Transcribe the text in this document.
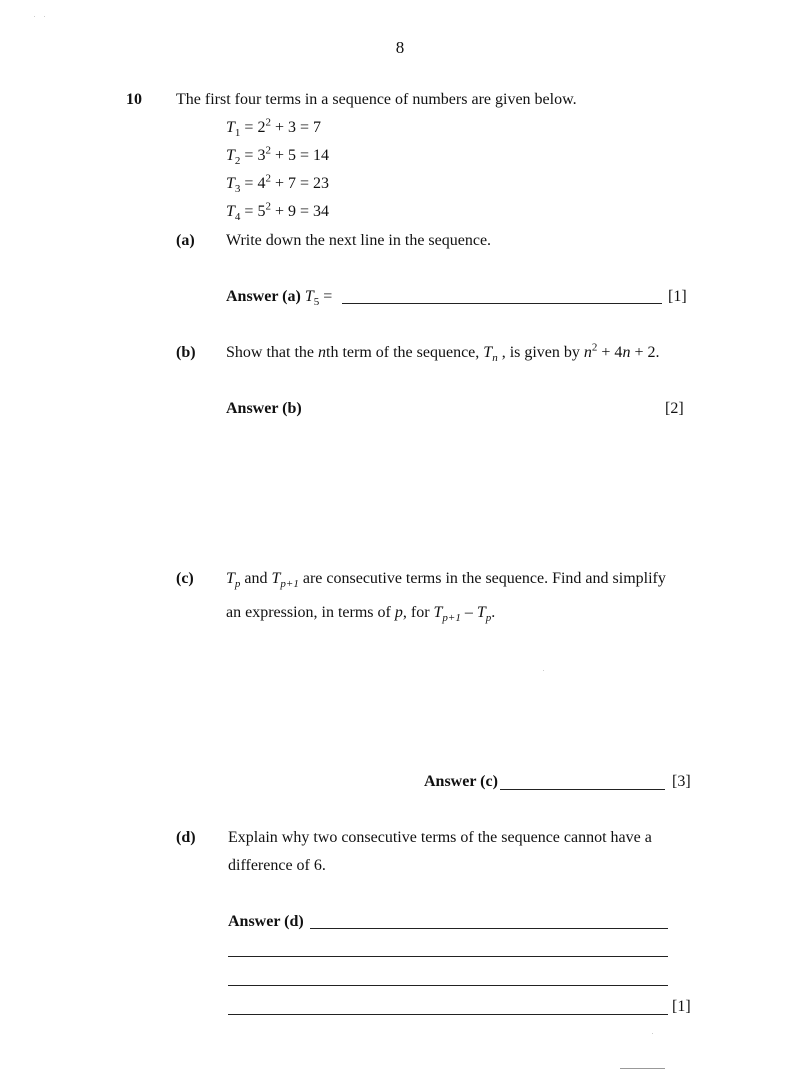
8
10 The first four terms in a sequence of numbers are given below.
$T_1 = 2^2 + 3 = 7$
$T_2 = 3^2 + 5 = 14$
$T_3 = 4^2 + 7 = 23$
$T_4 = 5^2 + 9 = 34$
(a) Write down the next line in the sequence.
Answer (a) $T_5$ =	[1]
(b) Show that the nth term of the sequence, $T_n$ , is given by $n^2 + 4n + 2$.
Answer (b)	[2]
(c) $T_p$ and $T_{p+1}$ are consecutive terms in the sequence. Find and simplify
an expression, in terms of p, for $T_{p+1} - T_p$.
Answer (c)	[3]
(d) Explain why two consecutive terms of the sequence cannot have a
difference of 6.
Answer (d)
[1]
